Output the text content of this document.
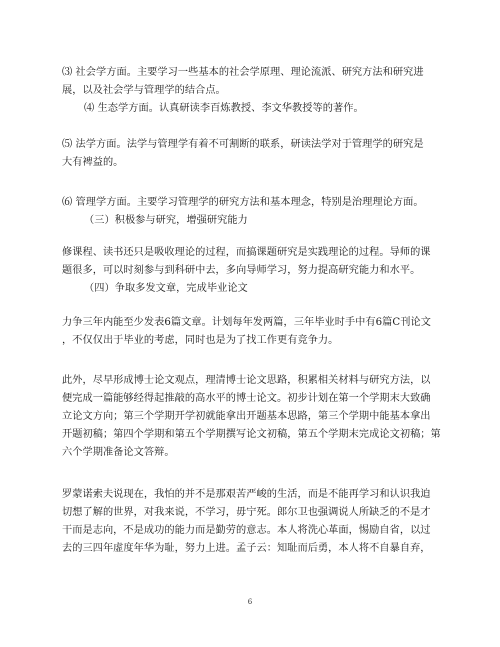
⑶ 社会学方面。主要学习一些基本的社会学原理、理论流派、研究方法和研究进
展，以及社会学与管理学的结合点。
⑷ 生态学方面。认真研读李百炼教授、李文华教授等的著作。
⑸ 法学方面。法学与管理学有着不可割断的联系，研读法学对于管理学的研究是
大有裨益的。
⑹ 管理学方面。主要学习管理学的研究方法和基本理念，特别是治理理论方面。
（三）积极参与研究，增强研究能力
修课程、读书还只是吸收理论的过程，而搞课题研究是实践理论的过程。导师的课
题很多，可以时刻参与到科研中去，多向导师学习，努力提高研究能力和水平。
（四）争取多发文章，完成毕业论文
力争三年内能至少发表6篇文章。计划每年发两篇，三年毕业时手中有6篇C刊论文
，不仅仅出于毕业的考虑，同时也是为了找工作更有竞争力。
此外，尽早形成博士论文观点，理清博士论文思路，积累相关材料与研究方法，以
便完成一篇能够经得起推敲的高水平的博士论文。初步计划在第一个学期末大致确
立论文方向；第三个学期开学初就能拿出开题基本思路，第三个学期中能基本拿出
开题初稿；第四个学期和第五个学期撰写论文初稿，第五个学期末完成论文初稿；第
六个学期准备论文答辩。
罗蒙诺索夫说现在，我怕的并不是那艰苦严峻的生活，而是不能再学习和认识我迫
切想了解的世界，对我来说，不学习，毋宁死。郎尔卫也强调说人所缺乏的不是才
干而是志向，不是成功的能力而是勤劳的意志。本人将洗心革面，惕励自省，以过
去的三四年虚度年华为耻，努力上进。孟子云：知耻而后勇，本人将不自暴自弃，
6
